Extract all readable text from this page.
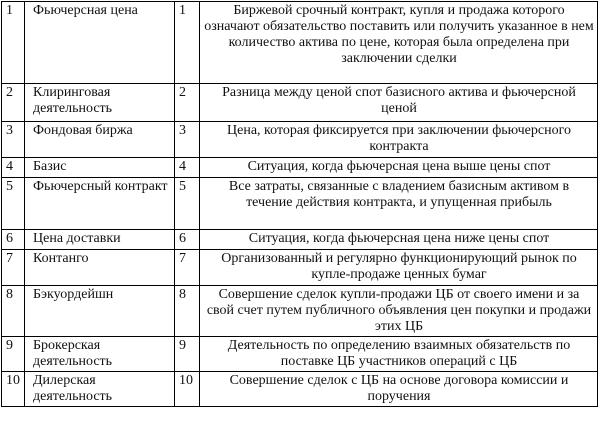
1	Фьючерсная цена	1	Биржевой срочный контракт, купля и продажа которого означают обязательство поставить или получить указанное в нем количество актива по цене, которая была определена при заключении сделки

2	Клиринговая деятельность	2	Разница между ценой спот базисного актива и фьючерсной ценой

3	Фондовая биржа	3	Цена, которая фиксируется при заключении фьючерсного контракта

4	Базис	4	Ситуация, когда фьючерсная цена выше цены спот

5	Фьючерсный контракт	5	Все затраты, связанные с владением базисным активом в течение действия контракта, и упущенная прибыль

6	Цена доставки	6	Ситуация, когда фьючерсная цена ниже цены спот

7	Контанго	7	Организованный и регулярно функционирующий рынок по купле-продаже ценных бумаг

8	Бэкуордейшн	8	Совершение сделок купли-продажи ЦБ от своего имени и за свой счет путем публичного объявления цен покупки и продажи этих ЦБ

9	Брокерская деятельность	9	Деятельность по определению взаимных обязательств по поставке ЦБ участников операций с ЦБ

10	Дилерская деятельность	10	Совершение сделок с ЦБ на основе договора комиссии и поручения
